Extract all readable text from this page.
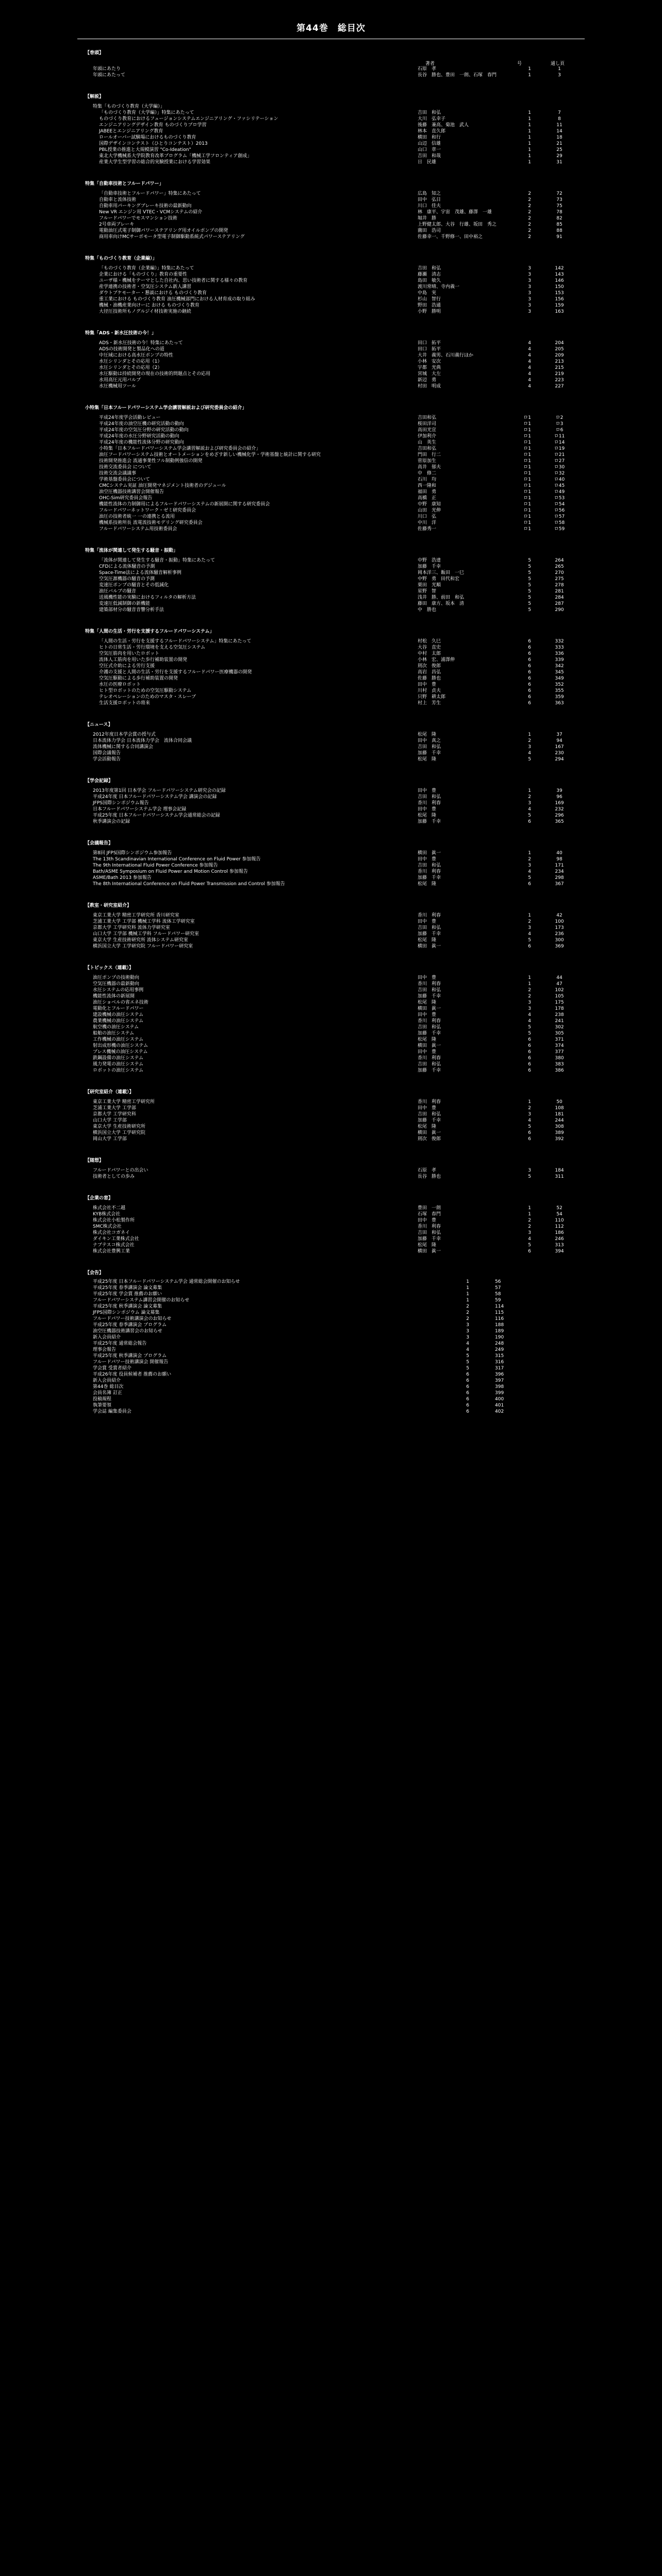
第44巻　総目次
【巻頭】
著者	号	通し頁
年頭にあたり	石原　孝	1	1
年頭にあたって	長谷　勝也、豊田　一朗、石塚　春門	1	3
【解説】
特集「ものづくり教育（大学編）」
「ものづくり教育（大学編）」特集にあたって	吉田　和弘	1	7
ものづくり教育におけるフュージョンシステムエンジニアリング・ファシリテーション	大川　弘幸子	1	8
エンジニアリングデザイン教育 ものづくりプロ学習	後藤　兼高、菊池　武人	1	11
JABEEとエンジニアリング教育	林本　直久郎	1	14
ロールオーバー試験場におけるものづくり教育	横田　和行	1	18
国際デザインコンテスト（ひとりコンテスト）2013	山辺　信雄	1	21
PBL授業の推進と大規模演習 "Co-Ideation"	山口　章一	1	25
東北大学機械系大学院教育改革プログラム「機械工学フロンティア創成」	吉田　和哉	1	29
産業大学生型学習の総合的実験授業における学習効果	日　民雄	1	31
特集「自動車技術とフルードパワー」
「自動車技術とフルードパワー」特集にあたって	広島　知之	2	72
自動車と流体技術	田中　弘日	2	73
自動車用パーキングブレーキ技術の最新動向	川口　佳夫	2	75
New VR エンジン用 VTEC・VCMシステムの紹介	林　康平、宇宙　茂雄、藤澤　一雄	2	78
フルードパワーでモスマンション技術	堀井　勝	2	82
2号車両ブレーキ	上野健太郎、大谷　行雄、坂田　秀之	2	85
電動油圧式電子制御パワーステアリング用オイルポンプの開発	薗田　浩司	2	88
商用車向けMCサーボモータ型電子制御駆動系統式パワーステアリング	佐藤幸一、千野修一、田中裕之	2	91
特集「ものづくり教育（企業編）」
「ものづくり教育（企業編）」特集にあたって	吉田　和弘	3	142
企業における「ものづくり」教育の重要性	藤瀬　清志	3	143
ユーザ様・機械をテーマとした自社内、思い技術者に関する様々の教育	島田　敏久	3	146
産学連携の技術者・空気圧システム新人講習	渡川常晴、寺内義一	3	150
ダウトブケモーター・懇談における ものづくり教育	中島　実	3	153
重工業における ものづくり教育 油圧機械部門における人材育成の取り組み	杉山　智行	3	156
機械・油機産業向けーに おける ものづくり教育	野田　浩通	3	159
大径圧技術所もノグルジイ材技術実施の継続	小野　勝明	3	163
特集「ADS・新水圧技術の今！」
ADS・新水圧技術の今！特集にあたって	田口　拓平	4	204
ADSの技術開発と製品化への道	田口　拓平	4	205
中圧域における高水圧ポンプの特性	大井　義男、石川義行ほか	4	209
水圧シリンダとその応用（1）	小林　安次	4	213
水圧シリンダとその応用（2）	宇都　光典	4	215
水圧駆動は持続開発の現在の技術的問題点とその応用	宮城　大左	4	219
水用高圧元用バルブ	新辺　勇	4	223
水圧機械用ツール	村田　明成	4	227
小特集「日本フルードパワーシステム学会講習解説および研究委員会の紹介」
平成24年度学会活動レビュー	吉田和弘	ロ1	ロ2
平成24年度の油空圧機の研究活動の動向	桜田洋司	ロ1	ロ3
平成24年度の空気圧分野の研究活動の動向	高田光宣	ロ1	ロ6
平成24年度の水圧分野研究活動の動向	伊加利介	ロ1	ロ11
平成24年度の機能性流体分野の研究動向	山　英生	ロ1	ロ14
小特集「日本フルードパワーシステム学会講習解説および研究委員会の紹介」	吉田和弘	ロ1	ロ19
油圧フードパワーシステム技術とオートメーションをめざす新しい機械化学・学術基盤と統計に関する研究	門田　行二	ロ1	ロ21
技術開発推進会 流通事業性フル制動例強信の開発	菅原加生	ロ1	ロ27
技術交流委員会 について	高井　郁夫	ロ1	ロ30
技術交流会議議事	中　修二	ロ1	ロ32
学術基盤委員会について	石川　均	ロ1	ロ40
CMCシステム実証 油圧開発マネジメント技術者のデジュール	西一隆和	ロ1	ロ45
油空圧機器技術講習会開催報告	福田　勇	ロ1	ロ49
OHC-Sim研究委員会報告	高橋　正	ロ1	ロ53
機能性流体の力制御用によるフルードパワーシステムの新展開に関する研究委員会	中野　康知	ロ1	ロ54
フルードパワーネットワーク・ゼミ研究委員会	山田　光伸	ロ1	ロ56
油圧の技術者統一 一の連携とる流用	川口　弘	ロ1	ロ57
機械系技術所長 流電流技術モデリング研究委員会	中川　洋	ロ1	ロ58
フルードパワーシステム用技術委員会	佐藤秀一	ロ1	ロ59
特集「流体が関連して発生する騒音・振動」
「流体が関連して発生する騒音・振動」特集にあたって	中野　浩達	5	264
CFDによる流体騒音の予測	加藤　千幸	5	265
Space-Time法による流体騒音解析事例	岡本洋三、飯田　一巳	5	270
空気圧源機器の騒音の予測	中野　勇　田代和宏	5	275
変速圧ポンプの騒音とその低減化	栗田　光順	5	278
油圧バルブの騒音	星野　智	5	281
送風機性能の実験におけるフィルタの解析方法	浅井　勝、前田　和弘	5	284
変速圧低減制御の新機能	藤田　康方、坂本　清	5	287
建築部材分の騒音音響分析手法	中　勝也	5	290
特集「人間の生活・労行を支援するフルードパワーシステム」
「人間の生活・労行を支援するフルードパワーシステム」特集にあたって	村松　久巳	6	332
ヒトの日常生活・労行環境を支える空気圧システム	大谷　直史	6	333
空気圧筋肉を用いたロボット	中村　太郎	6	336
流体人工筋肉を用いた歩行補助装置の開発	小林　宏、浦澤伸	6	339
空圧式介助による労行支援	則次　俊郎	6	342
介護の支援と人間の生活・労行を支援するフルードパワー医療機器の開発	高岩　昌弘	6	345
空気圧駆動による歩行補助装置の開発	佐藤　勝也	6	349
水圧の医療ロボット	田中　豊	6	352
ヒト型ロボットのための空気圧駆動システム	川村　貞夫	6	355
テレオペレーションのためのマスタ・スレーブ	只野　耕太郎	6	359
生活支援ロボットの将来	村上　芳生	6	363
【ニュース】
2012年度日本学会賞の授与式	松尾　隆	1	37
日本流体力学会 日本流体力学会　流体合同会議	田中　真之	2	94
流体機械に関する合同講演会	吉田　和弘	3	167
国際会議報告	加藤　千幸	4	230
学会活動報告	松尾　隆	5	294
【学会記録】
2013年度第1回 日本学会 フルードパワーシステム研究会の記録	田中　豊	1	39
平成24年度 日本フルードパワーシステム学会 講演会の記録	吉田　和弘	2	96
JFPS国際シンポジウム報告	香川　利春	3	169
日本フルードパワーシステム学会 理事会記録	田中　豊	4	232
平成25年度 日本フルードパワーシステム学会通常総会の記録	松尾　隆	5	296
秋季講演会の記録	加藤　千幸	6	365
【会議報告】
第8回 JFPS国際シンポジウム参加報告	横田　眞一	1	40
The 13th Scandinavian International Conference on Fluid Power 参加報告	田中　豊	2	98
The 9th International Fluid Power Conference 参加報告	吉田　和弘	3	171
Bath/ASME Symposium on Fluid Power and Motion Control 参加報告	香川　利春	4	234
ASME/Bath 2013 参加報告	加藤　千幸	5	298
The 8th International Conference on Fluid Power Transmission and Control 参加報告	松尾　隆	6	367
【教室・研究室紹介】
東京工業大学 精密工学研究所 香川研究室	香川　利春	1	42
芝浦工業大学 工学部 機械工学科 流体工学研究室	田中　豊	2	100
京都大学 工学研究科 流体力学研究室	吉田　和弘	3	173
山口大学 工学部 機械工学科 フルードパワー研究室	加藤　千幸	4	236
東京大学 生産技術研究所 流体システム研究室	松尾　隆	5	300
横浜国立大学 工学研究院 フルードパワー研究室	横田　眞一	6	369
【トピックス（連載）】
油圧ポンプの技術動向	田中　豊	1	44
空気圧機器の最新動向	香川　利春	1	47
水圧システムの応用事例	吉田　和弘	2	102
機能性流体の新展開	加藤　千幸	2	105
油圧ショベルの省エネ技術	松尾　隆	3	175
電動化とフルードパワー	横田　眞一	3	178
建設機械の油圧システム	田中　豊	4	238
農業機械の油圧システム	香川　利春	4	241
航空機の油圧システム	吉田　和弘	5	302
船舶の油圧システム	加藤　千幸	5	305
工作機械の油圧システム	松尾　隆	6	371
射出成形機の油圧システム	横田　眞一	6	374
プレス機械の油圧システム	田中　豊	6	377
鉄鋼設備の油圧システム	香川　利春	6	380
風力発電の油圧システム	吉田　和弘	6	383
ロボットの油圧システム	加藤　千幸	6	386
【研究室紹介（連載）】
東京工業大学 精密工学研究所	香川　利春	1	50
芝浦工業大学 工学部	田中　豊	2	108
京都大学 工学研究科	吉田　和弘	3	181
山口大学 工学部	加藤　千幸	4	244
東京大学 生産技術研究所	松尾　隆	5	308
横浜国立大学 工学研究院	横田　眞一	6	389
岡山大学 工学部	則次　俊郎	6	392
【随想】
フルードパワーとの出会い	石原　孝	3	184
技術者としての歩み	長谷　勝也	5	311
【企業の窓】
株式会社不二越	豊田　一朗	1	52
KYB株式会社	石塚　春門	1	54
株式会社小松製作所	田中　豊	2	110
SMC株式会社	香川　利春	2	112
株式会社コガネイ	吉田　和弘	3	186
ダイキン工業株式会社	加藤　千幸	4	246
ナブテスコ株式会社	松尾　隆	5	313
株式会社豊興工業	横田　眞一	6	394
【会告】
平成25年度 日本フルードパワーシステム学会 通常総会開催のお知らせ	1	56
平成25年度 春季講演会 論文募集	1	57
平成25年度 学会賞 推薦のお願い	1	58
フルードパワーシステム講習会開催のお知らせ	1	59
平成25年度 秋季講演会 論文募集	2	114
JFPS国際シンポジウム 論文募集	2	115
フルードパワー技術講演会のお知らせ	2	116
平成25年度 春季講演会 プログラム	3	188
油空圧機器技術講習会のお知らせ	3	189
新入会員紹介	3	190
平成25年度 通常総会報告	4	248
理事会報告	4	249
平成25年度 秋季講演会 プログラム	5	315
フルードパワー技術講演会 開催報告	5	316
学会賞 受賞者紹介	5	317
平成26年度 役員候補者 推薦のお願い	6	396
新入会員紹介	6	397
第44巻 総目次	6	398
会員名簿 訂正	6	399
投稿規程	6	400
執筆要領	6	401
学会誌 編集委員会	6	402
